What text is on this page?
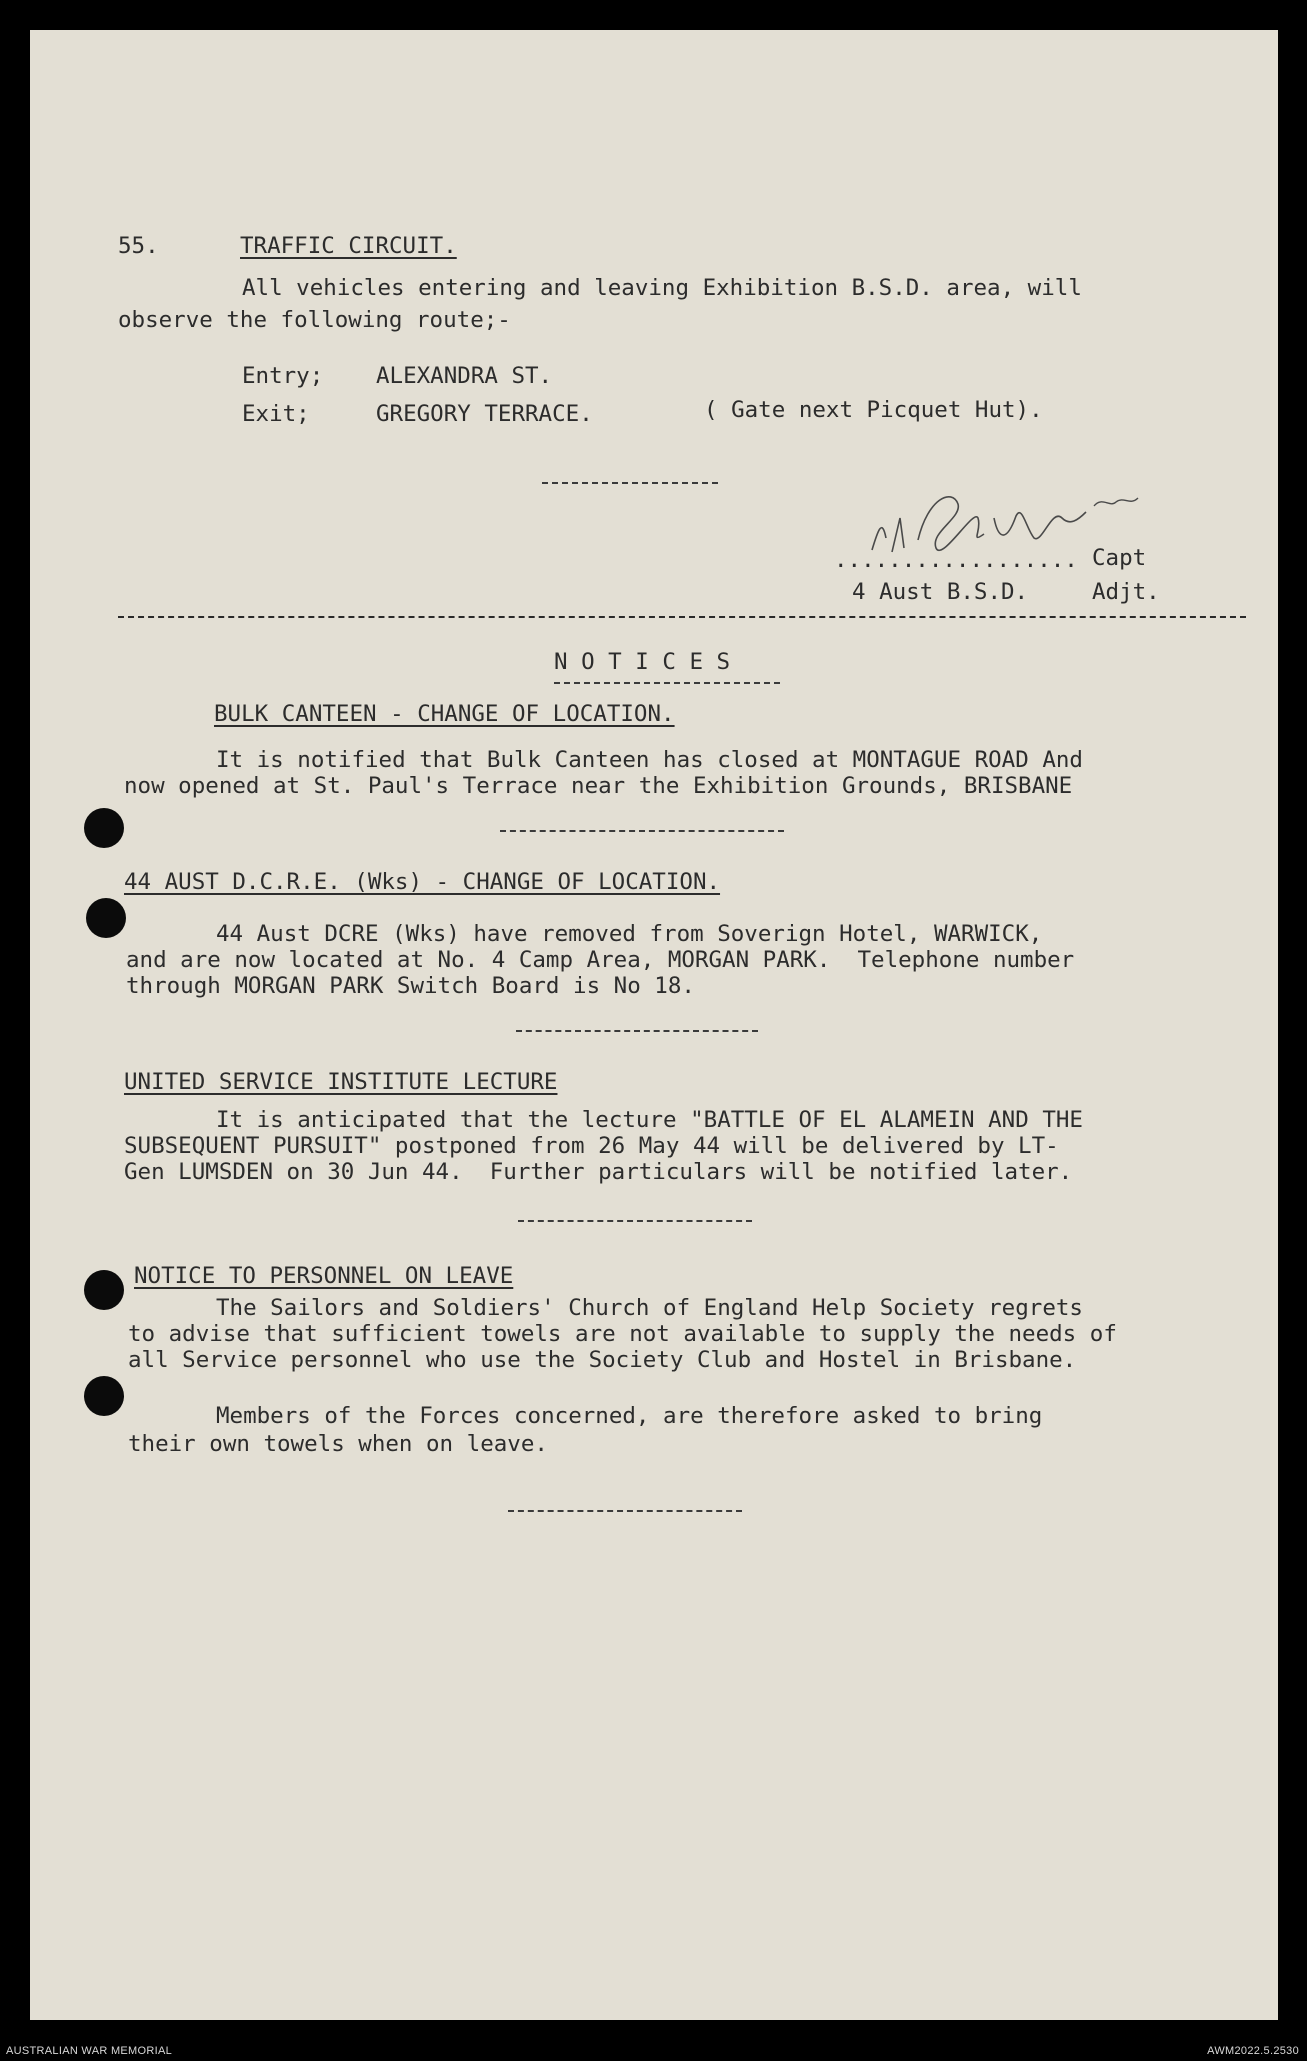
55.	TRAFFIC CIRCUIT.

All vehicles entering and leaving Exhibition B.S.D. area, will

observe the following route;-

Entry; ALEXANDRA ST.

Exit;	GREGORY TERRACE.	( Gate next Picquet Hut).

.................. Capt

4 Aust B.S.D.	Adjt.

N O T I C E S

BULK CANTEEN - CHANGE OF LOCATION.

It is notified that Bulk Canteen has closed at MONTAGUE ROAD And

now opened at St. Paul's Terrace near the Exhibition Grounds, BRISBANE

44 AUST D.C.R.E. (Wks) - CHANGE OF LOCATION.

44 Aust DCRE (Wks) have removed from Soverign Hotel, WARWICK,

and are now located at No. 4 Camp Area, MORGAN PARK.  Telephone number

through MORGAN PARK Switch Board is No 18.

UNITED SERVICE INSTITUTE LECTURE

It is anticipated that the lecture "BATTLE OF EL ALAMEIN AND THE

SUBSEQUENT PURSUIT" postponed from 26 May 44 will be delivered by LT-

Gen LUMSDEN on 30 Jun 44.  Further particulars will be notified later.

NOTICE TO PERSONNEL ON LEAVE

The Sailors and Soldiers' Church of England Help Society regrets

to advise that sufficient towels are not available to supply the needs of

all Service personnel who use the Society Club and Hostel in Brisbane.

Members of the Forces concerned, are therefore asked to bring

their own towels when on leave.

AUSTRALIAN WAR MEMORIAL	AWM2022.5.2530
